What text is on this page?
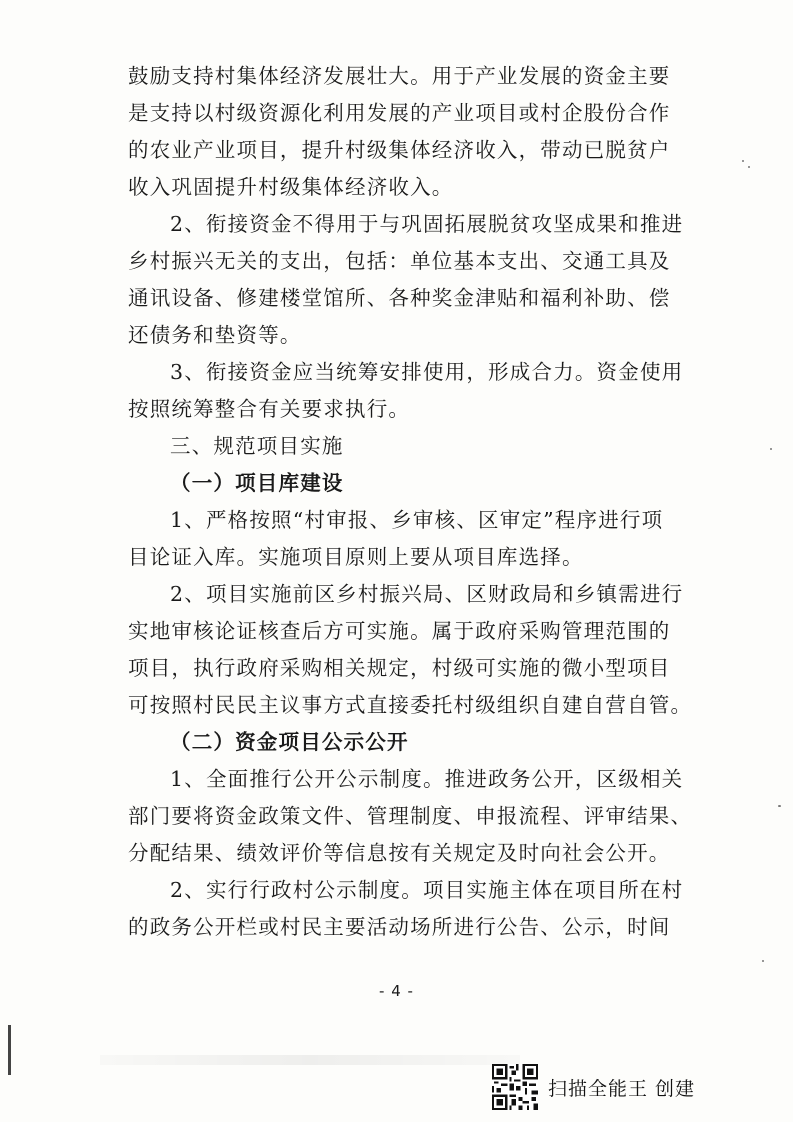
鼓励支持村集体经济发展壮大。用于产业发展的资金主要
是支持以村级资源化利用发展的产业项目或村企股份合作
的农业产业项目，提升村级集体经济收入，带动已脱贫户
收入巩固提升村级集体经济收入。
2、衔接资金不得用于与巩固拓展脱贫攻坚成果和推进
乡村振兴无关的支出，包括：单位基本支出、交通工具及
通讯设备、修建楼堂馆所、各种奖金津贴和福利补助、偿
还债务和垫资等。
3、衔接资金应当统筹安排使用，形成合力。资金使用
按照统筹整合有关要求执行。
三、规范项目实施
（一）项目库建设
1、严格按照“村审报、乡审核、区审定”程序进行项
目论证入库。实施项目原则上要从项目库选择。
2、项目实施前区乡村振兴局、区财政局和乡镇需进行
实地审核论证核查后方可实施。属于政府采购管理范围的
项目，执行政府采购相关规定，村级可实施的微小型项目
可按照村民民主议事方式直接委托村级组织自建自营自管。
（二）资金项目公示公开
1、全面推行公开公示制度。推进政务公开，区级相关
部门要将资金政策文件、管理制度、申报流程、评审结果、
分配结果、绩效评价等信息按有关规定及时向社会公开。
2、实行行政村公示制度。项目实施主体在项目所在村
的政务公开栏或村民主要活动场所进行公告、公示，时间
- 4 -
扫描全能王 创建
